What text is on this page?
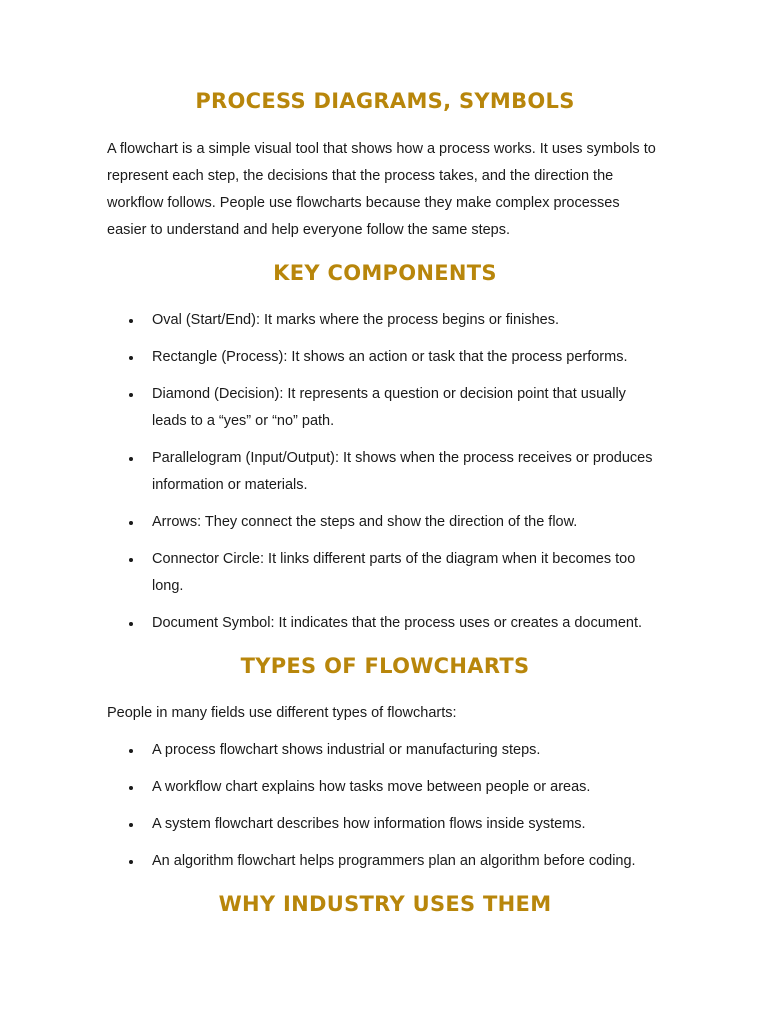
PROCESS DIAGRAMS, SYMBOLS

A flowchart is a simple visual tool that shows how a process works. It uses symbols to represent each step, the decisions that the process takes, and the direction the workflow follows. People use flowcharts because they make complex processes easier to understand and help everyone follow the same steps.

KEY COMPONENTS
Oval (Start/End): It marks where the process begins or finishes.
Rectangle (Process): It shows an action or task that the process performs.
Diamond (Decision): It represents a question or decision point that usually leads to a “yes” or “no” path.
Parallelogram (Input/Output): It shows when the process receives or produces information or materials.
Arrows: They connect the steps and show the direction of the flow.
Connector Circle: It links different parts of the diagram when it becomes too long.
Document Symbol: It indicates that the process uses or creates a document.
TYPES OF FLOWCHARTS

People in many fields use different types of flowcharts:

A process flowchart shows industrial or manufacturing steps.
A workflow chart explains how tasks move between people or areas.
A system flowchart describes how information flows inside systems.
An algorithm flowchart helps programmers plan an algorithm before coding.
WHY INDUSTRY USES THEM
